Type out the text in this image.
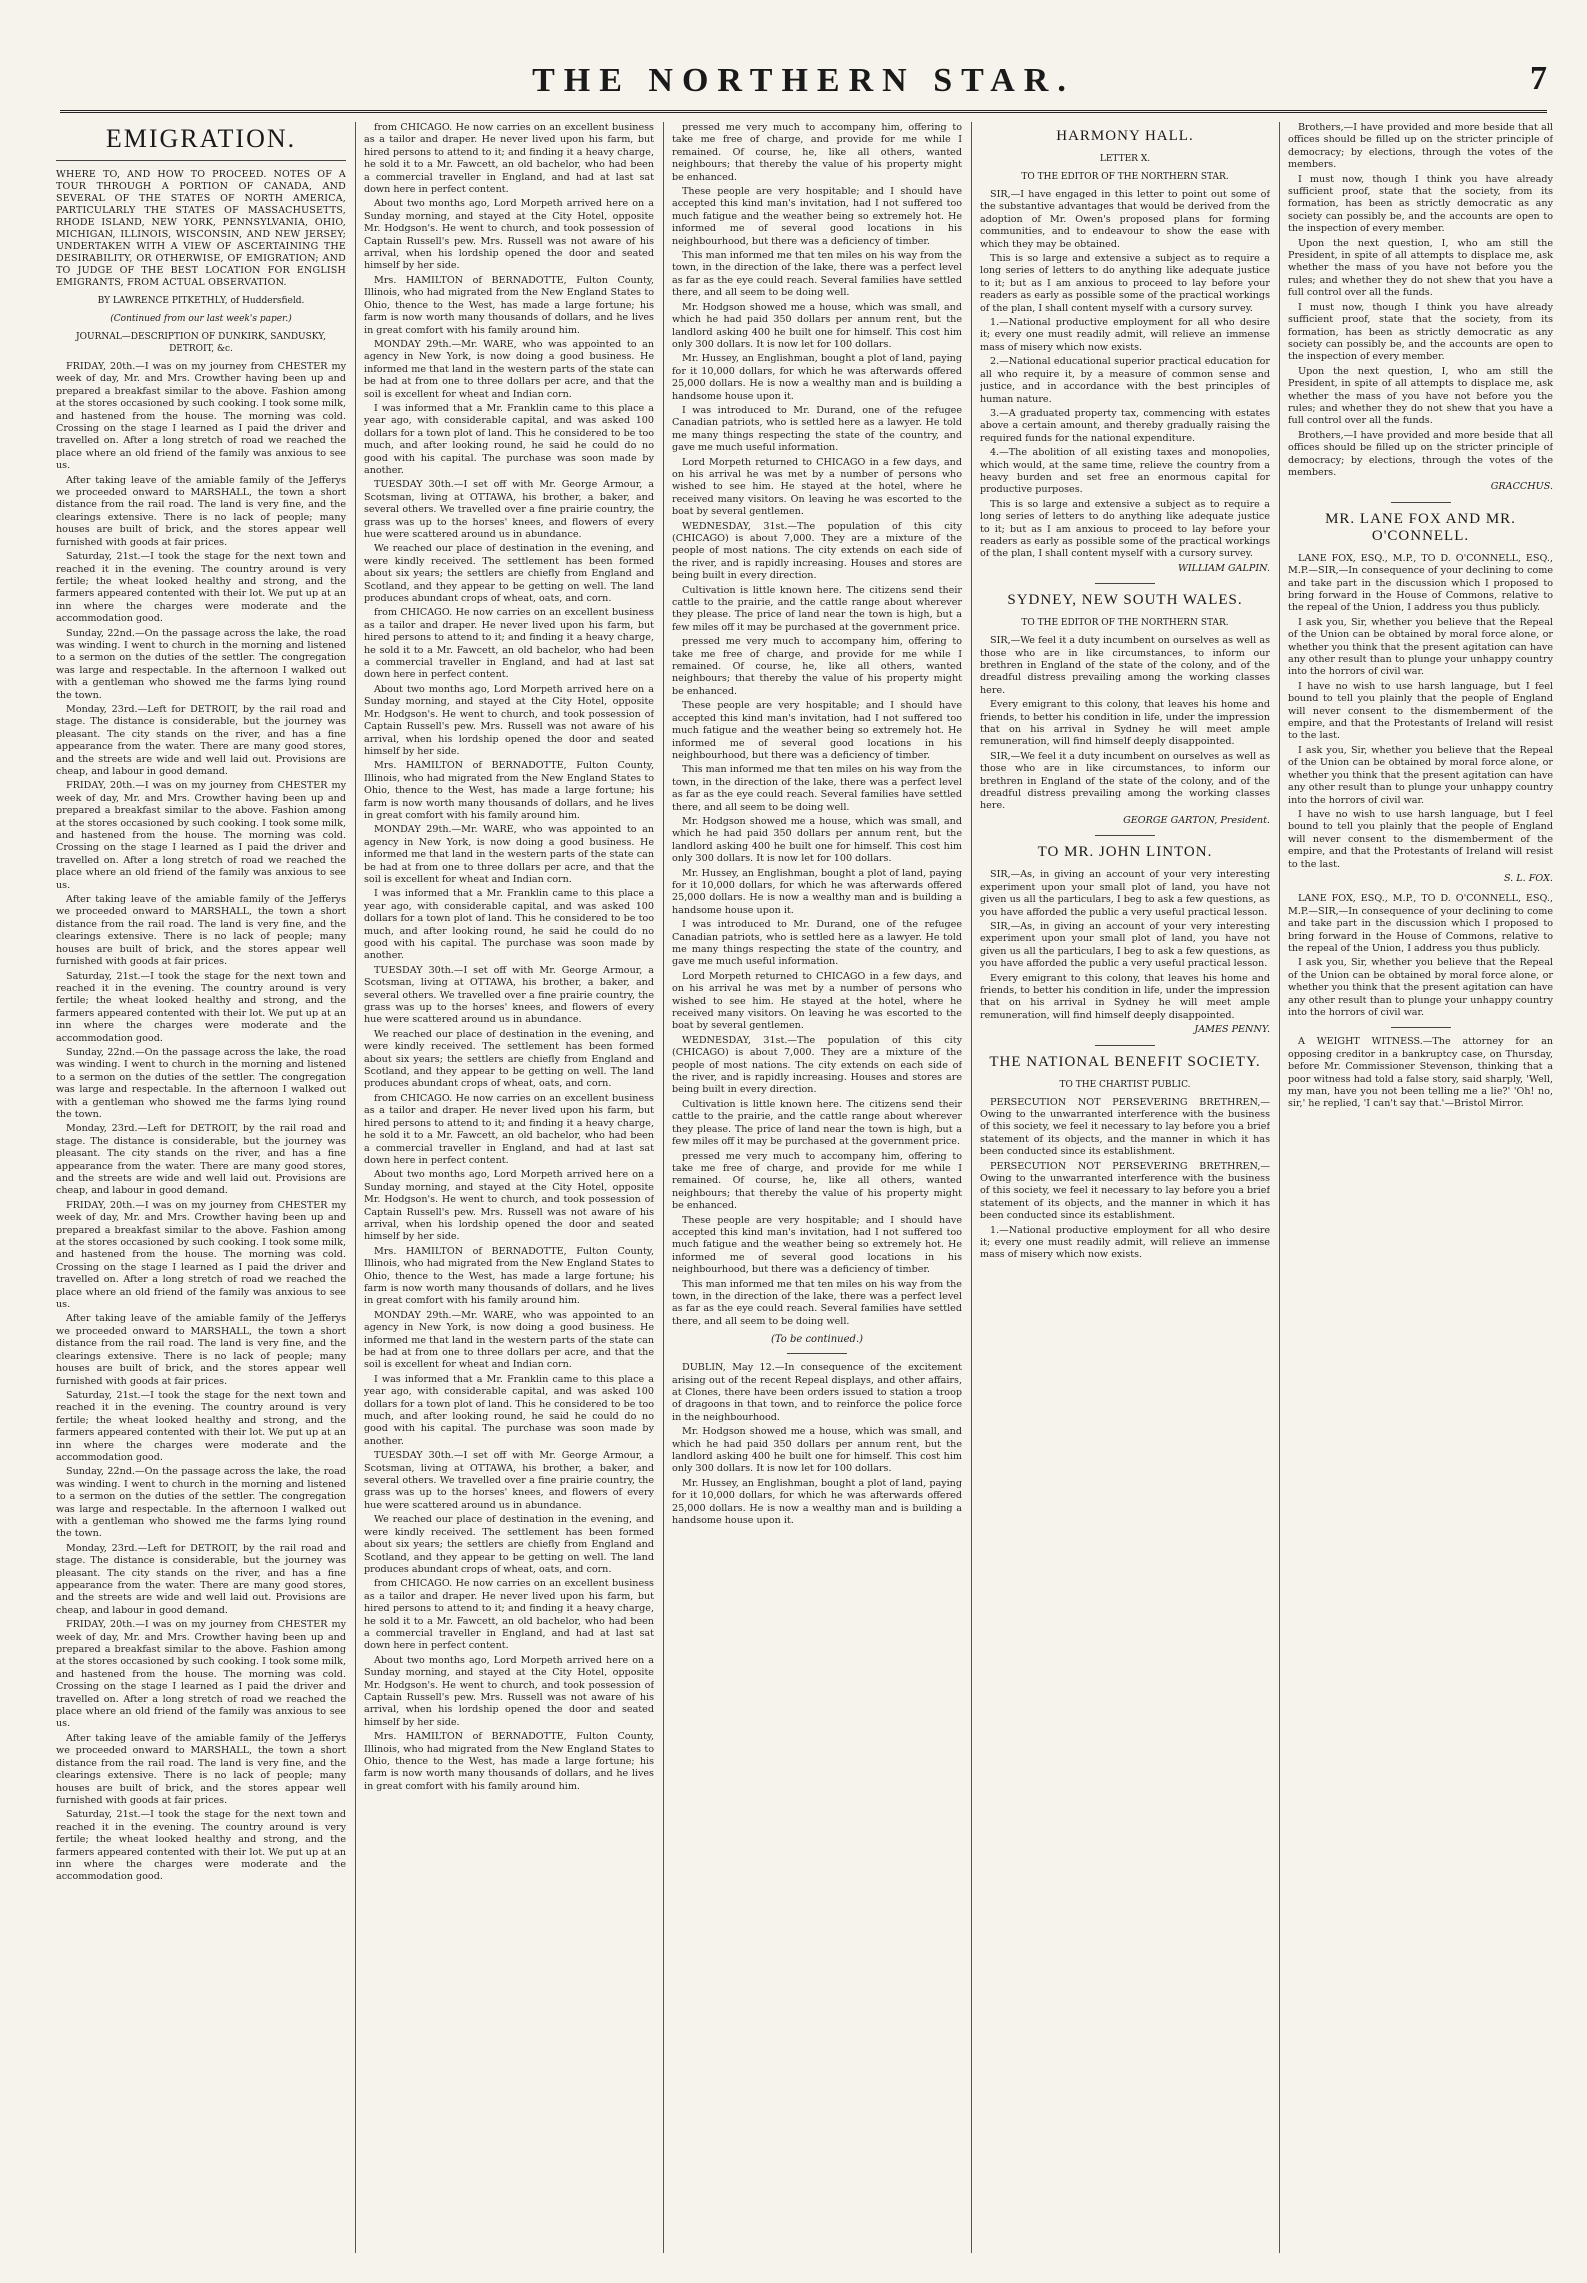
THE NORTHERN STAR.	7
EMIGRATION.

WHERE TO, AND HOW TO PROCEED. NOTES OF A TOUR THROUGH A PORTION OF CANADA, AND SEVERAL OF THE STATES OF NORTH AMERICA, PARTICULARLY THE STATES OF MASSACHUSETTS, RHODE ISLAND, NEW YORK, PENNSYLVANIA, OHIO, MICHIGAN, ILLINOIS, WISCONSIN, AND NEW JERSEY; UNDERTAKEN WITH A VIEW OF ASCERTAINING THE DESIRABILITY, OR OTHERWISE, OF EMIGRATION; AND TO JUDGE OF THE BEST LOCATION FOR ENGLISH EMIGRANTS, FROM ACTUAL OBSERVATION.

BY LAWRENCE PITKETHLY, of Huddersfield.
(Continued from our last week's paper.)
JOURNAL—DESCRIPTION OF DUNKIRK, SANDUSKY, DETROIT, &c.

FRIDAY, 20th.—I was on my journey from CHESTER my week of day, Mr. and Mrs. Crowther having been up and prepared a breakfast similar to the above. Fashion among at the stores occasioned by such cooking. I took some milk, and hastened from the house. The morning was cold. Crossing on the stage I learned as I paid the driver and travelled on. After a long stretch of road we reached the place where an old friend of the family was anxious to see us.

After taking leave of the amiable family of the Jefferys we proceeded onward to MARSHALL, the town a short distance from the rail road. The land is very fine, and the clearings extensive. There is no lack of people; many houses are built of brick, and the stores appear well furnished with goods at fair prices.

Saturday, 21st.—I took the stage for the next town and reached it in the evening. The country around is very fertile; the wheat looked healthy and strong, and the farmers appeared contented with their lot. We put up at an inn where the charges were moderate and the accommodation good.

Sunday, 22nd.—On the passage across the lake, the road was winding. I went to church in the morning and listened to a sermon on the duties of the settler. The congregation was large and respectable. In the afternoon I walked out with a gentleman who showed me the farms lying round the town.

Monday, 23rd.—Left for DETROIT, by the rail road and stage. The distance is considerable, but the journey was pleasant. The city stands on the river, and has a fine appearance from the water. There are many good stores, and the streets are wide and well laid out. Provisions are cheap, and labour in good demand.

FRIDAY, 20th.—I was on my journey from CHESTER my week of day, Mr. and Mrs. Crowther having been up and prepared a breakfast similar to the above. Fashion among at the stores occasioned by such cooking. I took some milk, and hastened from the house. The morning was cold. Crossing on the stage I learned as I paid the driver and travelled on. After a long stretch of road we reached the place where an old friend of the family was anxious to see us.

After taking leave of the amiable family of the Jefferys we proceeded onward to MARSHALL, the town a short distance from the rail road. The land is very fine, and the clearings extensive. There is no lack of people; many houses are built of brick, and the stores appear well furnished with goods at fair prices.

Saturday, 21st.—I took the stage for the next town and reached it in the evening. The country around is very fertile; the wheat looked healthy and strong, and the farmers appeared contented with their lot. We put up at an inn where the charges were moderate and the accommodation good.

Sunday, 22nd.—On the passage across the lake, the road was winding. I went to church in the morning and listened to a sermon on the duties of the settler. The congregation was large and respectable. In the afternoon I walked out with a gentleman who showed me the farms lying round the town.

Monday, 23rd.—Left for DETROIT, by the rail road and stage. The distance is considerable, but the journey was pleasant. The city stands on the river, and has a fine appearance from the water. There are many good stores, and the streets are wide and well laid out. Provisions are cheap, and labour in good demand.

FRIDAY, 20th.—I was on my journey from CHESTER my week of day, Mr. and Mrs. Crowther having been up and prepared a breakfast similar to the above. Fashion among at the stores occasioned by such cooking. I took some milk, and hastened from the house. The morning was cold. Crossing on the stage I learned as I paid the driver and travelled on. After a long stretch of road we reached the place where an old friend of the family was anxious to see us.

After taking leave of the amiable family of the Jefferys we proceeded onward to MARSHALL, the town a short distance from the rail road. The land is very fine, and the clearings extensive. There is no lack of people; many houses are built of brick, and the stores appear well furnished with goods at fair prices.

Saturday, 21st.—I took the stage for the next town and reached it in the evening. The country around is very fertile; the wheat looked healthy and strong, and the farmers appeared contented with their lot. We put up at an inn where the charges were moderate and the accommodation good.

Sunday, 22nd.—On the passage across the lake, the road was winding. I went to church in the morning and listened to a sermon on the duties of the settler. The congregation was large and respectable. In the afternoon I walked out with a gentleman who showed me the farms lying round the town.

Monday, 23rd.—Left for DETROIT, by the rail road and stage. The distance is considerable, but the journey was pleasant. The city stands on the river, and has a fine appearance from the water. There are many good stores, and the streets are wide and well laid out. Provisions are cheap, and labour in good demand.

FRIDAY, 20th.—I was on my journey from CHESTER my week of day, Mr. and Mrs. Crowther having been up and prepared a breakfast similar to the above. Fashion among at the stores occasioned by such cooking. I took some milk, and hastened from the house. The morning was cold. Crossing on the stage I learned as I paid the driver and travelled on. After a long stretch of road we reached the place where an old friend of the family was anxious to see us.

After taking leave of the amiable family of the Jefferys we proceeded onward to MARSHALL, the town a short distance from the rail road. The land is very fine, and the clearings extensive. There is no lack of people; many houses are built of brick, and the stores appear well furnished with goods at fair prices.

Saturday, 21st.—I took the stage for the next town and reached it in the evening. The country around is very fertile; the wheat looked healthy and strong, and the farmers appeared contented with their lot. We put up at an inn where the charges were moderate and the accommodation good.

from CHICAGO. He now carries on an excellent business as a tailor and draper. He never lived upon his farm, but hired persons to attend to it; and finding it a heavy charge, he sold it to a Mr. Fawcett, an old bachelor, who had been a commercial traveller in England, and had at last sat down here in perfect content.

About two months ago, Lord Morpeth arrived here on a Sunday morning, and stayed at the City Hotel, opposite Mr. Hodgson's. He went to church, and took possession of Captain Russell's pew. Mrs. Russell was not aware of his arrival, when his lordship opened the door and seated himself by her side.

Mrs. HAMILTON of BERNADOTTE, Fulton County, Illinois, who had migrated from the New England States to Ohio, thence to the West, has made a large fortune; his farm is now worth many thousands of dollars, and he lives in great comfort with his family around him.

MONDAY 29th.—Mr. WARE, who was appointed to an agency in New York, is now doing a good business. He informed me that land in the western parts of the state can be had at from one to three dollars per acre, and that the soil is excellent for wheat and Indian corn.

I was informed that a Mr. Franklin came to this place a year ago, with considerable capital, and was asked 100 dollars for a town plot of land. This he considered to be too much, and after looking round, he said he could do no good with his capital. The purchase was soon made by another.

TUESDAY 30th.—I set off with Mr. George Armour, a Scotsman, living at OTTAWA, his brother, a baker, and several others. We travelled over a fine prairie country, the grass was up to the horses' knees, and flowers of every hue were scattered around us in abundance.

We reached our place of destination in the evening, and were kindly received. The settlement has been formed about six years; the settlers are chiefly from England and Scotland, and they appear to be getting on well. The land produces abundant crops of wheat, oats, and corn.

from CHICAGO. He now carries on an excellent business as a tailor and draper. He never lived upon his farm, but hired persons to attend to it; and finding it a heavy charge, he sold it to a Mr. Fawcett, an old bachelor, who had been a commercial traveller in England, and had at last sat down here in perfect content.

About two months ago, Lord Morpeth arrived here on a Sunday morning, and stayed at the City Hotel, opposite Mr. Hodgson's. He went to church, and took possession of Captain Russell's pew. Mrs. Russell was not aware of his arrival, when his lordship opened the door and seated himself by her side.

Mrs. HAMILTON of BERNADOTTE, Fulton County, Illinois, who had migrated from the New England States to Ohio, thence to the West, has made a large fortune; his farm is now worth many thousands of dollars, and he lives in great comfort with his family around him.

MONDAY 29th.—Mr. WARE, who was appointed to an agency in New York, is now doing a good business. He informed me that land in the western parts of the state can be had at from one to three dollars per acre, and that the soil is excellent for wheat and Indian corn.

I was informed that a Mr. Franklin came to this place a year ago, with considerable capital, and was asked 100 dollars for a town plot of land. This he considered to be too much, and after looking round, he said he could do no good with his capital. The purchase was soon made by another.

TUESDAY 30th.—I set off with Mr. George Armour, a Scotsman, living at OTTAWA, his brother, a baker, and several others. We travelled over a fine prairie country, the grass was up to the horses' knees, and flowers of every hue were scattered around us in abundance.

We reached our place of destination in the evening, and were kindly received. The settlement has been formed about six years; the settlers are chiefly from England and Scotland, and they appear to be getting on well. The land produces abundant crops of wheat, oats, and corn.

from CHICAGO. He now carries on an excellent business as a tailor and draper. He never lived upon his farm, but hired persons to attend to it; and finding it a heavy charge, he sold it to a Mr. Fawcett, an old bachelor, who had been a commercial traveller in England, and had at last sat down here in perfect content.

About two months ago, Lord Morpeth arrived here on a Sunday morning, and stayed at the City Hotel, opposite Mr. Hodgson's. He went to church, and took possession of Captain Russell's pew. Mrs. Russell was not aware of his arrival, when his lordship opened the door and seated himself by her side.

Mrs. HAMILTON of BERNADOTTE, Fulton County, Illinois, who had migrated from the New England States to Ohio, thence to the West, has made a large fortune; his farm is now worth many thousands of dollars, and he lives in great comfort with his family around him.

MONDAY 29th.—Mr. WARE, who was appointed to an agency in New York, is now doing a good business. He informed me that land in the western parts of the state can be had at from one to three dollars per acre, and that the soil is excellent for wheat and Indian corn.

I was informed that a Mr. Franklin came to this place a year ago, with considerable capital, and was asked 100 dollars for a town plot of land. This he considered to be too much, and after looking round, he said he could do no good with his capital. The purchase was soon made by another.

TUESDAY 30th.—I set off with Mr. George Armour, a Scotsman, living at OTTAWA, his brother, a baker, and several others. We travelled over a fine prairie country, the grass was up to the horses' knees, and flowers of every hue were scattered around us in abundance.

We reached our place of destination in the evening, and were kindly received. The settlement has been formed about six years; the settlers are chiefly from England and Scotland, and they appear to be getting on well. The land produces abundant crops of wheat, oats, and corn.

from CHICAGO. He now carries on an excellent business as a tailor and draper. He never lived upon his farm, but hired persons to attend to it; and finding it a heavy charge, he sold it to a Mr. Fawcett, an old bachelor, who had been a commercial traveller in England, and had at last sat down here in perfect content.

About two months ago, Lord Morpeth arrived here on a Sunday morning, and stayed at the City Hotel, opposite Mr. Hodgson's. He went to church, and took possession of Captain Russell's pew. Mrs. Russell was not aware of his arrival, when his lordship opened the door and seated himself by her side.

Mrs. HAMILTON of BERNADOTTE, Fulton County, Illinois, who had migrated from the New England States to Ohio, thence to the West, has made a large fortune; his farm is now worth many thousands of dollars, and he lives in great comfort with his family around him.

pressed me very much to accompany him, offering to take me free of charge, and provide for me while I remained. Of course, he, like all others, wanted neighbours; that thereby the value of his property might be enhanced.

These people are very hospitable; and I should have accepted this kind man's invitation, had I not suffered too much fatigue and the weather being so extremely hot. He informed me of several good locations in his neighbourhood, but there was a deficiency of timber.

This man informed me that ten miles on his way from the town, in the direction of the lake, there was a perfect level as far as the eye could reach. Several families have settled there, and all seem to be doing well.

Mr. Hodgson showed me a house, which was small, and which he had paid 350 dollars per annum rent, but the landlord asking 400 he built one for himself. This cost him only 300 dollars. It is now let for 100 dollars.

Mr. Hussey, an Englishman, bought a plot of land, paying for it 10,000 dollars, for which he was afterwards offered 25,000 dollars. He is now a wealthy man and is building a handsome house upon it.

I was introduced to Mr. Durand, one of the refugee Canadian patriots, who is settled here as a lawyer. He told me many things respecting the state of the country, and gave me much useful information.

Lord Morpeth returned to CHICAGO in a few days, and on his arrival he was met by a number of persons who wished to see him. He stayed at the hotel, where he received many visitors. On leaving he was escorted to the boat by several gentlemen.

WEDNESDAY, 31st.—The population of this city (CHICAGO) is about 7,000. They are a mixture of the people of most nations. The city extends on each side of the river, and is rapidly increasing. Houses and stores are being built in every direction.

Cultivation is little known here. The citizens send their cattle to the prairie, and the cattle range about wherever they please. The price of land near the town is high, but a few miles off it may be purchased at the government price.

pressed me very much to accompany him, offering to take me free of charge, and provide for me while I remained. Of course, he, like all others, wanted neighbours; that thereby the value of his property might be enhanced.

These people are very hospitable; and I should have accepted this kind man's invitation, had I not suffered too much fatigue and the weather being so extremely hot. He informed me of several good locations in his neighbourhood, but there was a deficiency of timber.

This man informed me that ten miles on his way from the town, in the direction of the lake, there was a perfect level as far as the eye could reach. Several families have settled there, and all seem to be doing well.

Mr. Hodgson showed me a house, which was small, and which he had paid 350 dollars per annum rent, but the landlord asking 400 he built one for himself. This cost him only 300 dollars. It is now let for 100 dollars.

Mr. Hussey, an Englishman, bought a plot of land, paying for it 10,000 dollars, for which he was afterwards offered 25,000 dollars. He is now a wealthy man and is building a handsome house upon it.

I was introduced to Mr. Durand, one of the refugee Canadian patriots, who is settled here as a lawyer. He told me many things respecting the state of the country, and gave me much useful information.

Lord Morpeth returned to CHICAGO in a few days, and on his arrival he was met by a number of persons who wished to see him. He stayed at the hotel, where he received many visitors. On leaving he was escorted to the boat by several gentlemen.

WEDNESDAY, 31st.—The population of this city (CHICAGO) is about 7,000. They are a mixture of the people of most nations. The city extends on each side of the river, and is rapidly increasing. Houses and stores are being built in every direction.

Cultivation is little known here. The citizens send their cattle to the prairie, and the cattle range about wherever they please. The price of land near the town is high, but a few miles off it may be purchased at the government price.

pressed me very much to accompany him, offering to take me free of charge, and provide for me while I remained. Of course, he, like all others, wanted neighbours; that thereby the value of his property might be enhanced.

These people are very hospitable; and I should have accepted this kind man's invitation, had I not suffered too much fatigue and the weather being so extremely hot. He informed me of several good locations in his neighbourhood, but there was a deficiency of timber.

This man informed me that ten miles on his way from the town, in the direction of the lake, there was a perfect level as far as the eye could reach. Several families have settled there, and all seem to be doing well.

(To be continued.)

DUBLIN, May 12.—In consequence of the excitement arising out of the recent Repeal displays, and other affairs, at Clones, there have been orders issued to station a troop of dragoons in that town, and to reinforce the police force in the neighbourhood.

Mr. Hodgson showed me a house, which was small, and which he had paid 350 dollars per annum rent, but the landlord asking 400 he built one for himself. This cost him only 300 dollars. It is now let for 100 dollars.

Mr. Hussey, an Englishman, bought a plot of land, paying for it 10,000 dollars, for which he was afterwards offered 25,000 dollars. He is now a wealthy man and is building a handsome house upon it.

HARMONY HALL.
LETTER X.
TO THE EDITOR OF THE NORTHERN STAR.

SIR,—I have engaged in this letter to point out some of the substantive advantages that would be derived from the adoption of Mr. Owen's proposed plans for forming communities, and to endeavour to show the ease with which they may be obtained.

This is so large and extensive a subject as to require a long series of letters to do anything like adequate justice to it; but as I am anxious to proceed to lay before your readers as early as possible some of the practical workings of the plan, I shall content myself with a cursory survey.

1.—National productive employment for all who desire it; every one must readily admit, will relieve an immense mass of misery which now exists.

2.—National educational superior practical education for all who require it, by a measure of common sense and justice, and in accordance with the best principles of human nature.

3.—A graduated property tax, commencing with estates above a certain amount, and thereby gradually raising the required funds for the national expenditure.

4.—The abolition of all existing taxes and monopolies, which would, at the same time, relieve the country from a heavy burden and set free an enormous capital for productive purposes.

This is so large and extensive a subject as to require a long series of letters to do anything like adequate justice to it; but as I am anxious to proceed to lay before your readers as early as possible some of the practical workings of the plan, I shall content myself with a cursory survey.

WILLIAM GALPIN.
SYDNEY, NEW SOUTH WALES.
TO THE EDITOR OF THE NORTHERN STAR.

SIR,—We feel it a duty incumbent on ourselves as well as those who are in like circumstances, to inform our brethren in England of the state of the colony, and of the dreadful distress prevailing among the working classes here.

Every emigrant to this colony, that leaves his home and friends, to better his condition in life, under the impression that on his arrival in Sydney he will meet ample remuneration, will find himself deeply disappointed.

SIR,—We feel it a duty incumbent on ourselves as well as those who are in like circumstances, to inform our brethren in England of the state of the colony, and of the dreadful distress prevailing among the working classes here.

GEORGE GARTON, President.
TO MR. JOHN LINTON.

SIR,—As, in giving an account of your very interesting experiment upon your small plot of land, you have not given us all the particulars, I beg to ask a few questions, as you have afforded the public a very useful practical lesson.

SIR,—As, in giving an account of your very interesting experiment upon your small plot of land, you have not given us all the particulars, I beg to ask a few questions, as you have afforded the public a very useful practical lesson.

Every emigrant to this colony, that leaves his home and friends, to better his condition in life, under the impression that on his arrival in Sydney he will meet ample remuneration, will find himself deeply disappointed.

JAMES PENNY.
THE NATIONAL BENEFIT SOCIETY.
TO THE CHARTIST PUBLIC.

PERSECUTION NOT PERSEVERING BRETHREN,—Owing to the unwarranted interference with the business of this society, we feel it necessary to lay before you a brief statement of its objects, and the manner in which it has been conducted since its establishment.

PERSECUTION NOT PERSEVERING BRETHREN,—Owing to the unwarranted interference with the business of this society, we feel it necessary to lay before you a brief statement of its objects, and the manner in which it has been conducted since its establishment.

1.—National productive employment for all who desire it; every one must readily admit, will relieve an immense mass of misery which now exists.

Brothers,—I have provided and more beside that all offices should be filled up on the stricter principle of democracy; by elections, through the votes of the members.

I must now, though I think you have already sufficient proof, state that the society, from its formation, has been as strictly democratic as any society can possibly be, and the accounts are open to the inspection of every member.

Upon the next question, I, who am still the President, in spite of all attempts to displace me, ask whether the mass of you have not before you the rules; and whether they do not shew that you have a full control over all the funds.

I must now, though I think you have already sufficient proof, state that the society, from its formation, has been as strictly democratic as any society can possibly be, and the accounts are open to the inspection of every member.

Upon the next question, I, who am still the President, in spite of all attempts to displace me, ask whether the mass of you have not before you the rules; and whether they do not shew that you have a full control over all the funds.

Brothers,—I have provided and more beside that all offices should be filled up on the stricter principle of democracy; by elections, through the votes of the members.

GRACCHUS.
MR. LANE FOX AND MR. O'CONNELL.

LANE FOX, ESQ., M.P., TO D. O'CONNELL, ESQ., M.P.—SIR,—In consequence of your declining to come and take part in the discussion which I proposed to bring forward in the House of Commons, relative to the repeal of the Union, I address you thus publicly.

I ask you, Sir, whether you believe that the Repeal of the Union can be obtained by moral force alone, or whether you think that the present agitation can have any other result than to plunge your unhappy country into the horrors of civil war.

I have no wish to use harsh language, but I feel bound to tell you plainly that the people of England will never consent to the dismemberment of the empire, and that the Protestants of Ireland will resist to the last.

I ask you, Sir, whether you believe that the Repeal of the Union can be obtained by moral force alone, or whether you think that the present agitation can have any other result than to plunge your unhappy country into the horrors of civil war.

I have no wish to use harsh language, but I feel bound to tell you plainly that the people of England will never consent to the dismemberment of the empire, and that the Protestants of Ireland will resist to the last.

S. L. FOX.

LANE FOX, ESQ., M.P., TO D. O'CONNELL, ESQ., M.P.—SIR,—In consequence of your declining to come and take part in the discussion which I proposed to bring forward in the House of Commons, relative to the repeal of the Union, I address you thus publicly.

I ask you, Sir, whether you believe that the Repeal of the Union can be obtained by moral force alone, or whether you think that the present agitation can have any other result than to plunge your unhappy country into the horrors of civil war.

A WEIGHT WITNESS.—The attorney for an opposing creditor in a bankruptcy case, on Thursday, before Mr. Commissioner Stevenson, thinking that a poor witness had told a false story, said sharply, 'Well, my man, have you not been telling me a lie?' 'Oh! no, sir,' he replied, 'I can't say that.'—Bristol Mirror.
